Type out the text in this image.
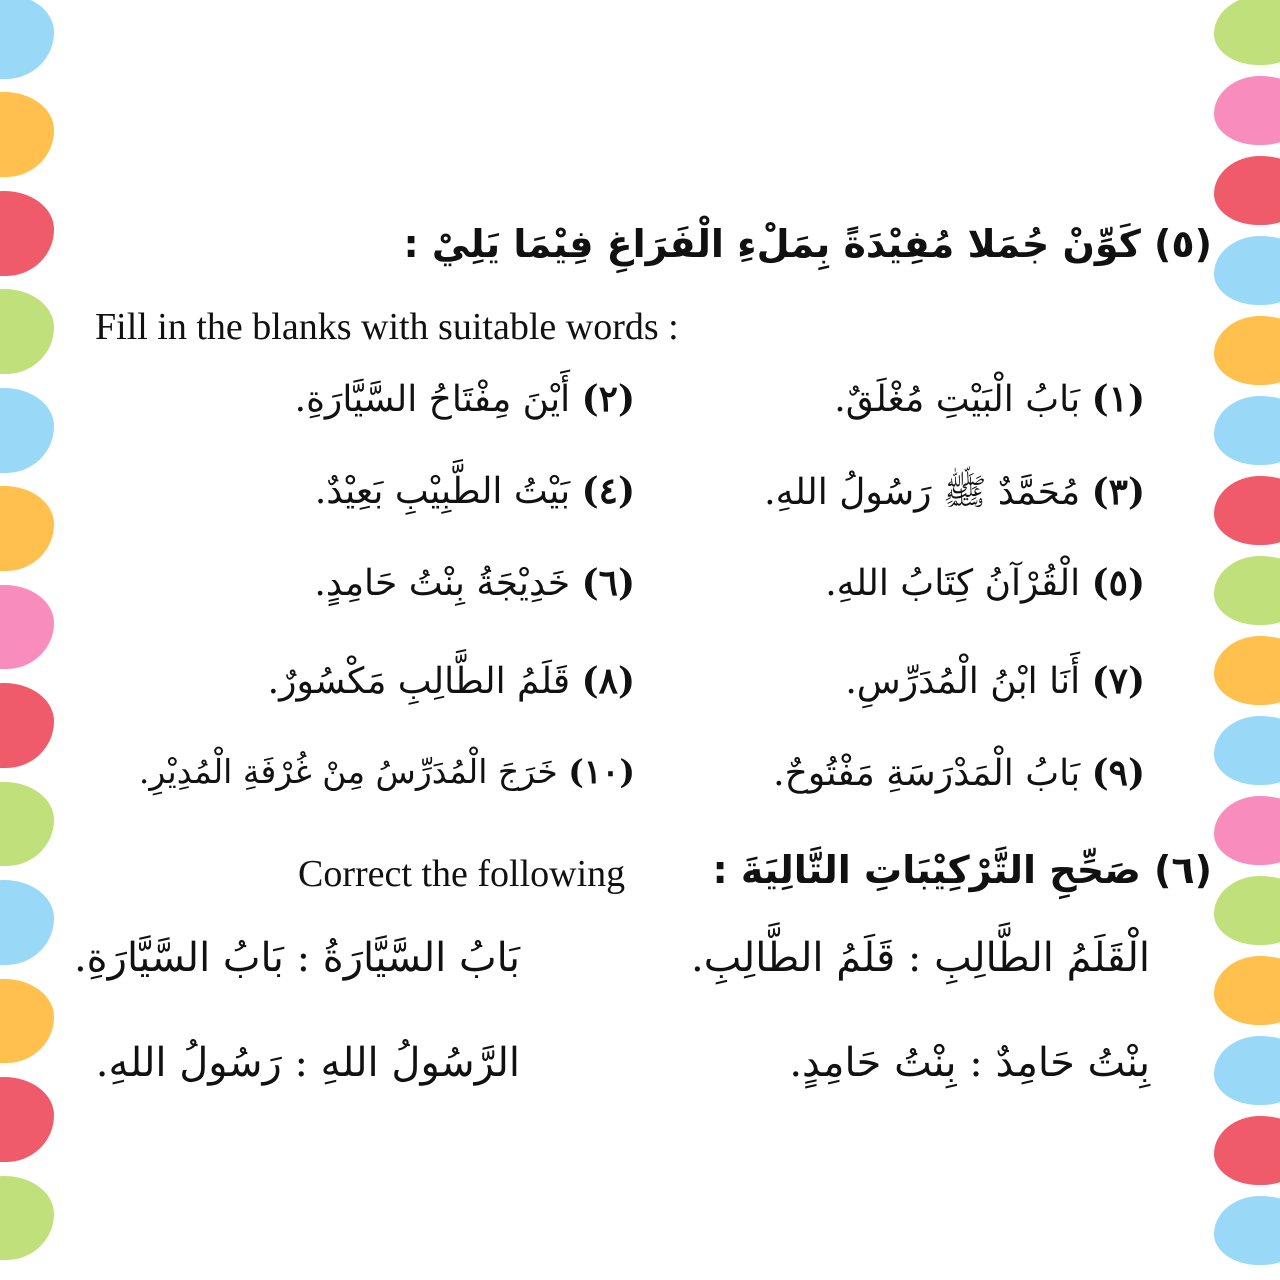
(٥) كَوِّنْ جُمَلا مُفِيْدَةً بِمَلْءِ الْفَرَاغِ فِيْمَا يَلِيْ :
Fill in the blanks with suitable words :
(١) بَابُ الْبَيْتِ مُغْلَقٌ.
(٢) أَيْنَ مِفْتَاحُ السَّيَّارَةِ.
(٣) مُحَمَّدٌ ﷺ رَسُولُ اللهِ.
(٤) بَيْتُ الطَّبِيْبِ بَعِيْدٌ.
(٥) الْقُرْآنُ كِتَابُ اللهِ.
(٦) خَدِيْجَةُ بِنْتُ حَامِدٍ.
(٧) أَنَا ابْنُ الْمُدَرِّسِ.
(٨) قَلَمُ الطَّالِبِ مَكْسُورٌ.
(٩) بَابُ الْمَدْرَسَةِ مَفْتُوحٌ.
(١٠) خَرَجَ الْمُدَرِّسُ مِنْ غُرْفَةِ الْمُدِيْرِ.
(٦) صَحِّحِ التَّرْكِيْبَاتِ التَّالِيَةَ :
Correct the following
الْقَلَمُ الطَّالِبِ : قَلَمُ الطَّالِبِ.
بَابُ السَّيَّارَةُ : بَابُ السَّيَّارَةِ.
بِنْتُ حَامِدٌ : بِنْتُ حَامِدٍ.
الرَّسُولُ اللهِ : رَسُولُ اللهِ.
